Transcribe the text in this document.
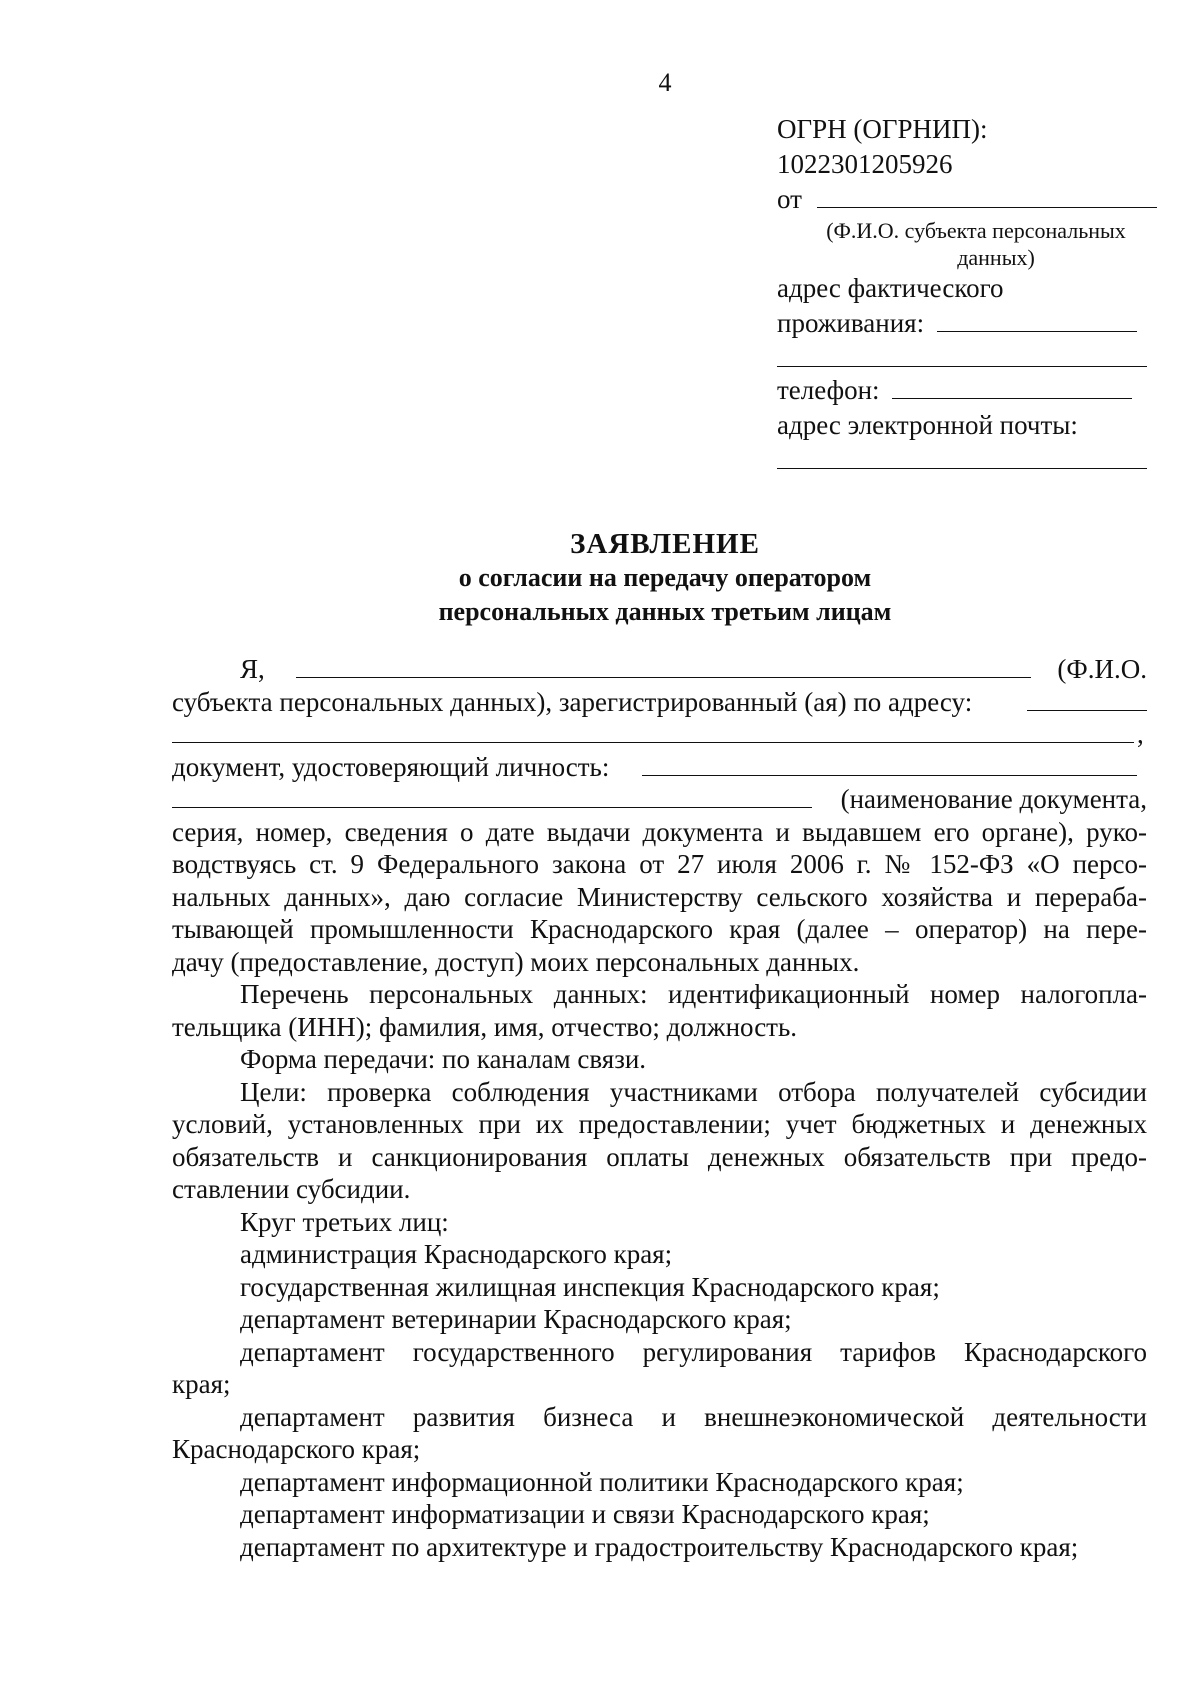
4
ОГРН (ОГРНИП):
1022301205926
от
(Ф.И.О. субъекта персональных
данных)
адрес фактического
проживания:
телефон:
адрес электронной почты:
ЗАЯВЛЕНИЕ
о согласии на передачу оператором
персональных данных третьим лицам
Я,	(Ф.И.О.
субъекта персональных данных), зарегистрированный (ая) по адресу:
,
документ, удостоверяющий личность:
(наименование документа,
серия, номер, сведения о дате выдачи документа и выдавшем его органе), руко-
водствуясь ст. 9 Федерального закона от 27 июля 2006 г. № 152-ФЗ «О персо-
нальных данных», даю согласие Министерству сельского хозяйства и перераба-
тывающей промышленности Краснодарского края (далее – оператор) на пере-
дачу (предоставление, доступ) моих персональных данных.
Перечень персональных данных: идентификационный номер налогопла-
тельщика (ИНН); фамилия, имя, отчество; должность.
Форма передачи: по каналам связи.
Цели: проверка соблюдения участниками отбора получателей субсидии
условий, установленных при их предоставлении; учет бюджетных и денежных
обязательств и санкционирования оплаты денежных обязательств при предо-
ставлении субсидии.
Круг третьих лиц:
администрация Краснодарского края;
государственная жилищная инспекция Краснодарского края;
департамент ветеринарии Краснодарского края;
департамент государственного регулирования тарифов Краснодарского
края;
департамент развития бизнеса и внешнеэкономической деятельности
Краснодарского края;
департамент информационной политики Краснодарского края;
департамент информатизации и связи Краснодарского края;
департамент по архитектуре и градостроительству Краснодарского края;
